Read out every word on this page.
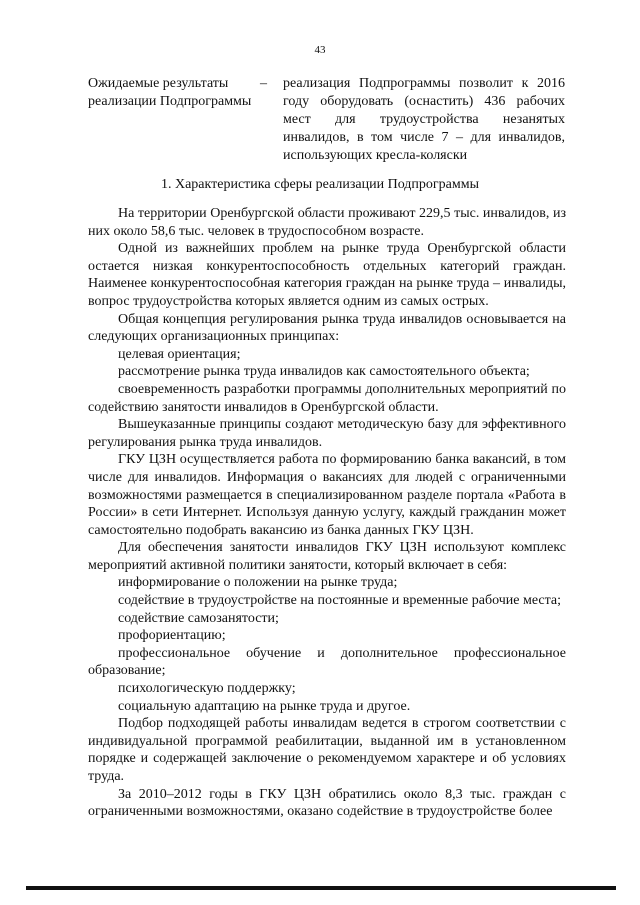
43
Ожидаемые результаты реализации Подпрограммы
– реализация Подпрограммы позволит к 2016 году оборудовать (оснастить) 436 рабочих мест для трудоустройства незанятых инвалидов, в том числе 7 – для инвалидов, использующих кресла-коляски
1. Характеристика сферы реализации Подпрограммы

На территории Оренбургской области проживают 229,5 тыс. инвалидов, из них около 58,6 тыс. человек в трудоспособном возрасте.

Одной из важнейших проблем на рынке труда Оренбургской области остается низкая конкурентоспособность отдельных категорий граждан. Наименее конкурентоспособная категория граждан на рынке труда – инвалиды, вопрос трудоустройства которых является одним из самых острых.

Общая концепция регулирования рынка труда инвалидов основывается на следующих организационных принципах:

целевая ориентация;

рассмотрение рынка труда инвалидов как самостоятельного объекта;

своевременность разработки программы дополнительных мероприятий по содействию занятости инвалидов в Оренбургской области.

Вышеуказанные принципы создают методическую базу для эффективного регулирования рынка труда инвалидов.

ГКУ ЦЗН осуществляется работа по формированию банка вакансий, в том числе для инвалидов. Информация о вакансиях для людей с ограниченными возможностями размещается в специализированном разделе портала «Работа в России» в сети Интернет. Используя данную услугу, каждый гражданин может самостоятельно подобрать вакансию из банка данных ГКУ ЦЗН.

Для обеспечения занятости инвалидов ГКУ ЦЗН используют комплекс мероприятий активной политики занятости, который включает в себя:

информирование о положении на рынке труда;

содействие в трудоустройстве на постоянные и временные рабочие места;

содействие самозанятости;

профориентацию;

профессиональное обучение и дополнительное профессиональное образование;

психологическую поддержку;

социальную адаптацию на рынке труда и другое.

Подбор подходящей работы инвалидам ведется в строгом соответствии с индивидуальной программой реабилитации, выданной им в установленном порядке и содержащей заключение о рекомендуемом характере и об условиях труда.

За 2010–2012 годы в ГКУ ЦЗН обратились около 8,3 тыс. граждан с ограниченными возможностями, оказано содействие в трудоустройстве более
